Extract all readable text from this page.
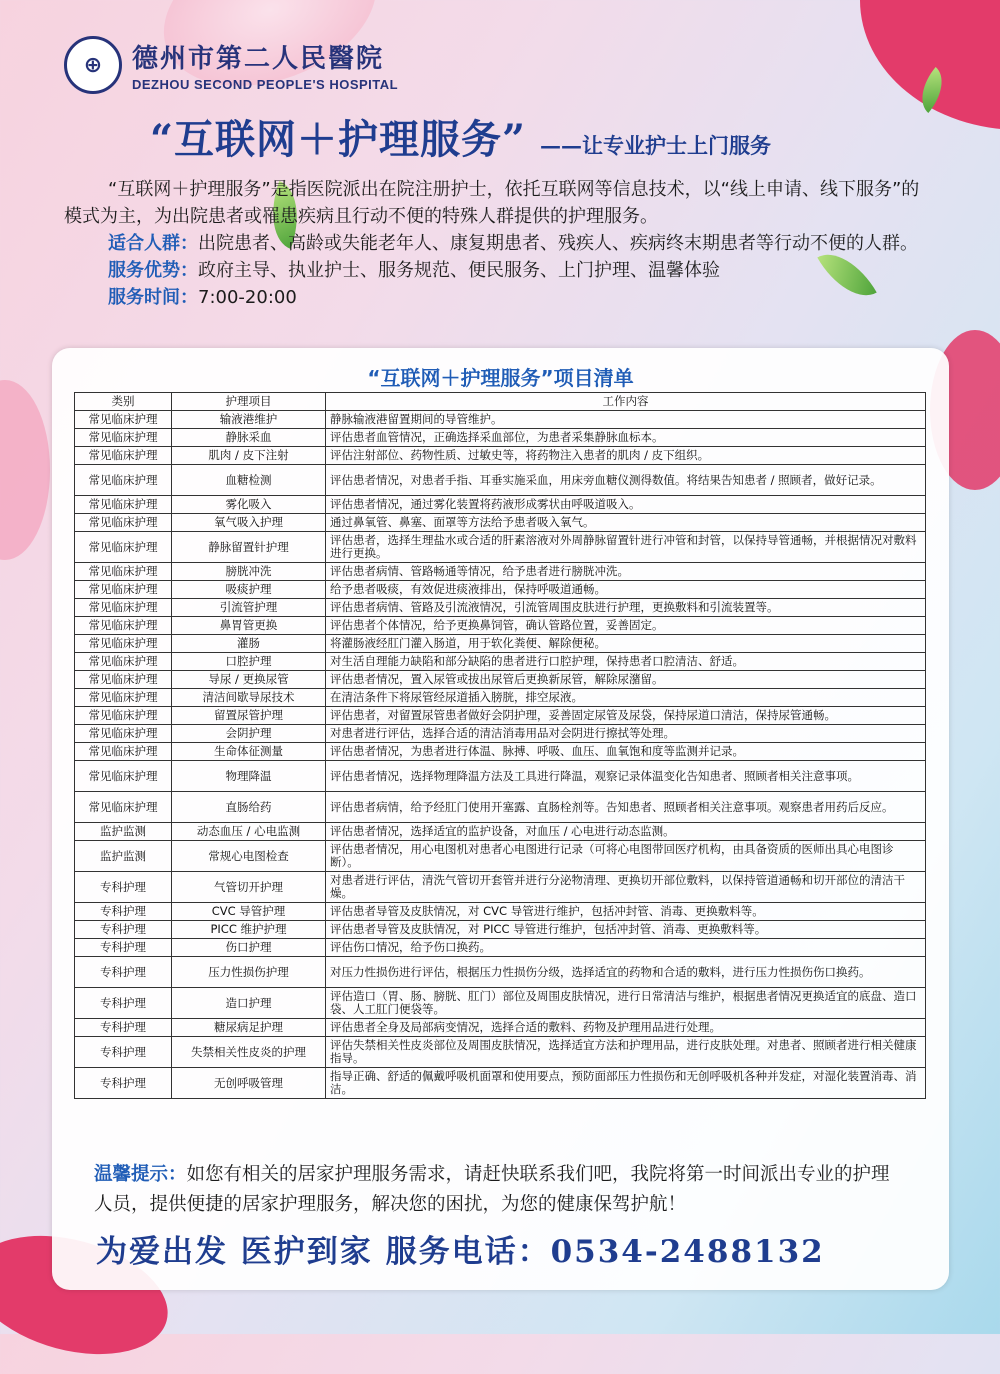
⊕	德州市第二人民醫院
DEZHOU SECOND PEOPLE'S HOSPITAL
“互联网＋护理服务” ——让专业护士上门服务

“互联网＋护理服务”是指医院派出在院注册护士，依托互联网等信息技术，以“线上申请、线下服务”的模式为主，为出院患者或罹患疾病且行动不便的特殊人群提供的护理服务。

适合人群：出院患者、高龄或失能老年人、康复期患者、残疾人、疾病终末期患者等行动不便的人群。

服务优势：政府主导、执业护士、服务规范、便民服务、上门护理、温馨体验

服务时间：7:00-20:00

“互联网＋护理服务”项目清单
类别	护理项目	工作内容
常见临床护理	输液港维护	静脉输液港留置期间的导管维护。
常见临床护理	静脉采血	评估患者血管情况，正确选择采血部位，为患者采集静脉血标本。
常见临床护理	肌肉 / 皮下注射	评估注射部位、药物性质、过敏史等，将药物注入患者的肌肉 / 皮下组织。
常见临床护理	血糖检测	评估患者情况，对患者手指、耳垂实施采血，用床旁血糖仪测得数值。将结果告知患者 / 照顾者，做好记录。
常见临床护理	雾化吸入	评估患者情况，通过雾化装置将药液形成雾状由呼吸道吸入。
常见临床护理	氧气吸入护理	通过鼻氧管、鼻塞、面罩等方法给予患者吸入氧气。
常见临床护理	静脉留置针护理	评估患者，选择生理盐水或合适的肝素溶液对外周静脉留置针进行冲管和封管，以保持导管通畅，并根据情况对敷料进行更换。
常见临床护理	膀胱冲洗	评估患者病情、管路畅通等情况，给予患者进行膀胱冲洗。
常见临床护理	吸痰护理	给予患者吸痰，有效促进痰液排出，保持呼吸道通畅。
常见临床护理	引流管护理	评估患者病情、管路及引流液情况，引流管周围皮肤进行护理，更换敷料和引流装置等。
常见临床护理	鼻胃管更换	评估患者个体情况，给予更换鼻饲管，确认管路位置，妥善固定。
常见临床护理	灌肠	将灌肠液经肛门灌入肠道，用于软化粪便、解除便秘。
常见临床护理	口腔护理	对生活自理能力缺陷和部分缺陷的患者进行口腔护理，保持患者口腔清洁、舒适。
常见临床护理	导尿 / 更换尿管	评估患者情况，置入尿管或拔出尿管后更换新尿管，解除尿潴留。
常见临床护理	清洁间歇导尿技术	在清洁条件下将尿管经尿道插入膀胱，排空尿液。
常见临床护理	留置尿管护理	评估患者，对留置尿管患者做好会阴护理，妥善固定尿管及尿袋，保持尿道口清洁，保持尿管通畅。
常见临床护理	会阴护理	对患者进行评估，选择合适的清洁消毒用品对会阴进行擦拭等处理。
常见临床护理	生命体征测量	评估患者情况，为患者进行体温、脉搏、呼吸、血压、血氧饱和度等监测并记录。
常见临床护理	物理降温	评估患者情况，选择物理降温方法及工具进行降温，观察记录体温变化告知患者、照顾者相关注意事项。
常见临床护理	直肠给药	评估患者病情，给予经肛门使用开塞露、直肠栓剂等。告知患者、照顾者相关注意事项。观察患者用药后反应。
监护监测	动态血压 / 心电监测	评估患者情况，选择适宜的监护设备，对血压 / 心电进行动态监测。
监护监测	常规心电图检查	评估患者情况，用心电图机对患者心电图进行记录（可将心电图带回医疗机构，由具备资质的医师出具心电图诊断）。
专科护理	气管切开护理	对患者进行评估，清洗气管切开套管并进行分泌物清理、更换切开部位敷料，以保持管道通畅和切开部位的清洁干燥。
专科护理	CVC 导管护理	评估患者导管及皮肤情况，对 CVC 导管进行维护，包括冲封管、消毒、更换敷料等。
专科护理	PICC 维护护理	评估患者导管及皮肤情况，对 PICC 导管进行维护，包括冲封管、消毒、更换敷料等。
专科护理	伤口护理	评估伤口情况，给予伤口换药。
专科护理	压力性损伤护理	对压力性损伤进行评估，根据压力性损伤分级，选择适宜的药物和合适的敷料，进行压力性损伤伤口换药。
专科护理	造口护理	评估造口（胃、肠、膀胱、肛门）部位及周围皮肤情况，进行日常清洁与维护，根据患者情况更换适宜的底盘、造口袋、人工肛门便袋等。
专科护理	糖尿病足护理	评估患者全身及局部病变情况，选择合适的敷料、药物及护理用品进行处理。
专科护理	失禁相关性皮炎的护理	评估失禁相关性皮炎部位及周围皮肤情况，选择适宜方法和护理用品，进行皮肤处理。对患者、照顾者进行相关健康指导。
专科护理	无创呼吸管理	指导正确、舒适的佩戴呼吸机面罩和使用要点，预防面部压力性损伤和无创呼吸机各种并发症，对湿化装置消毒、消洁。
温馨提示：如您有相关的居家护理服务需求，请赶快联系我们吧，我院将第一时间派出专业的护理人员，提供便捷的居家护理服务，解决您的困扰，为您的健康保驾护航！
为爱出发 医护到家 服务电话：0534-2488132
